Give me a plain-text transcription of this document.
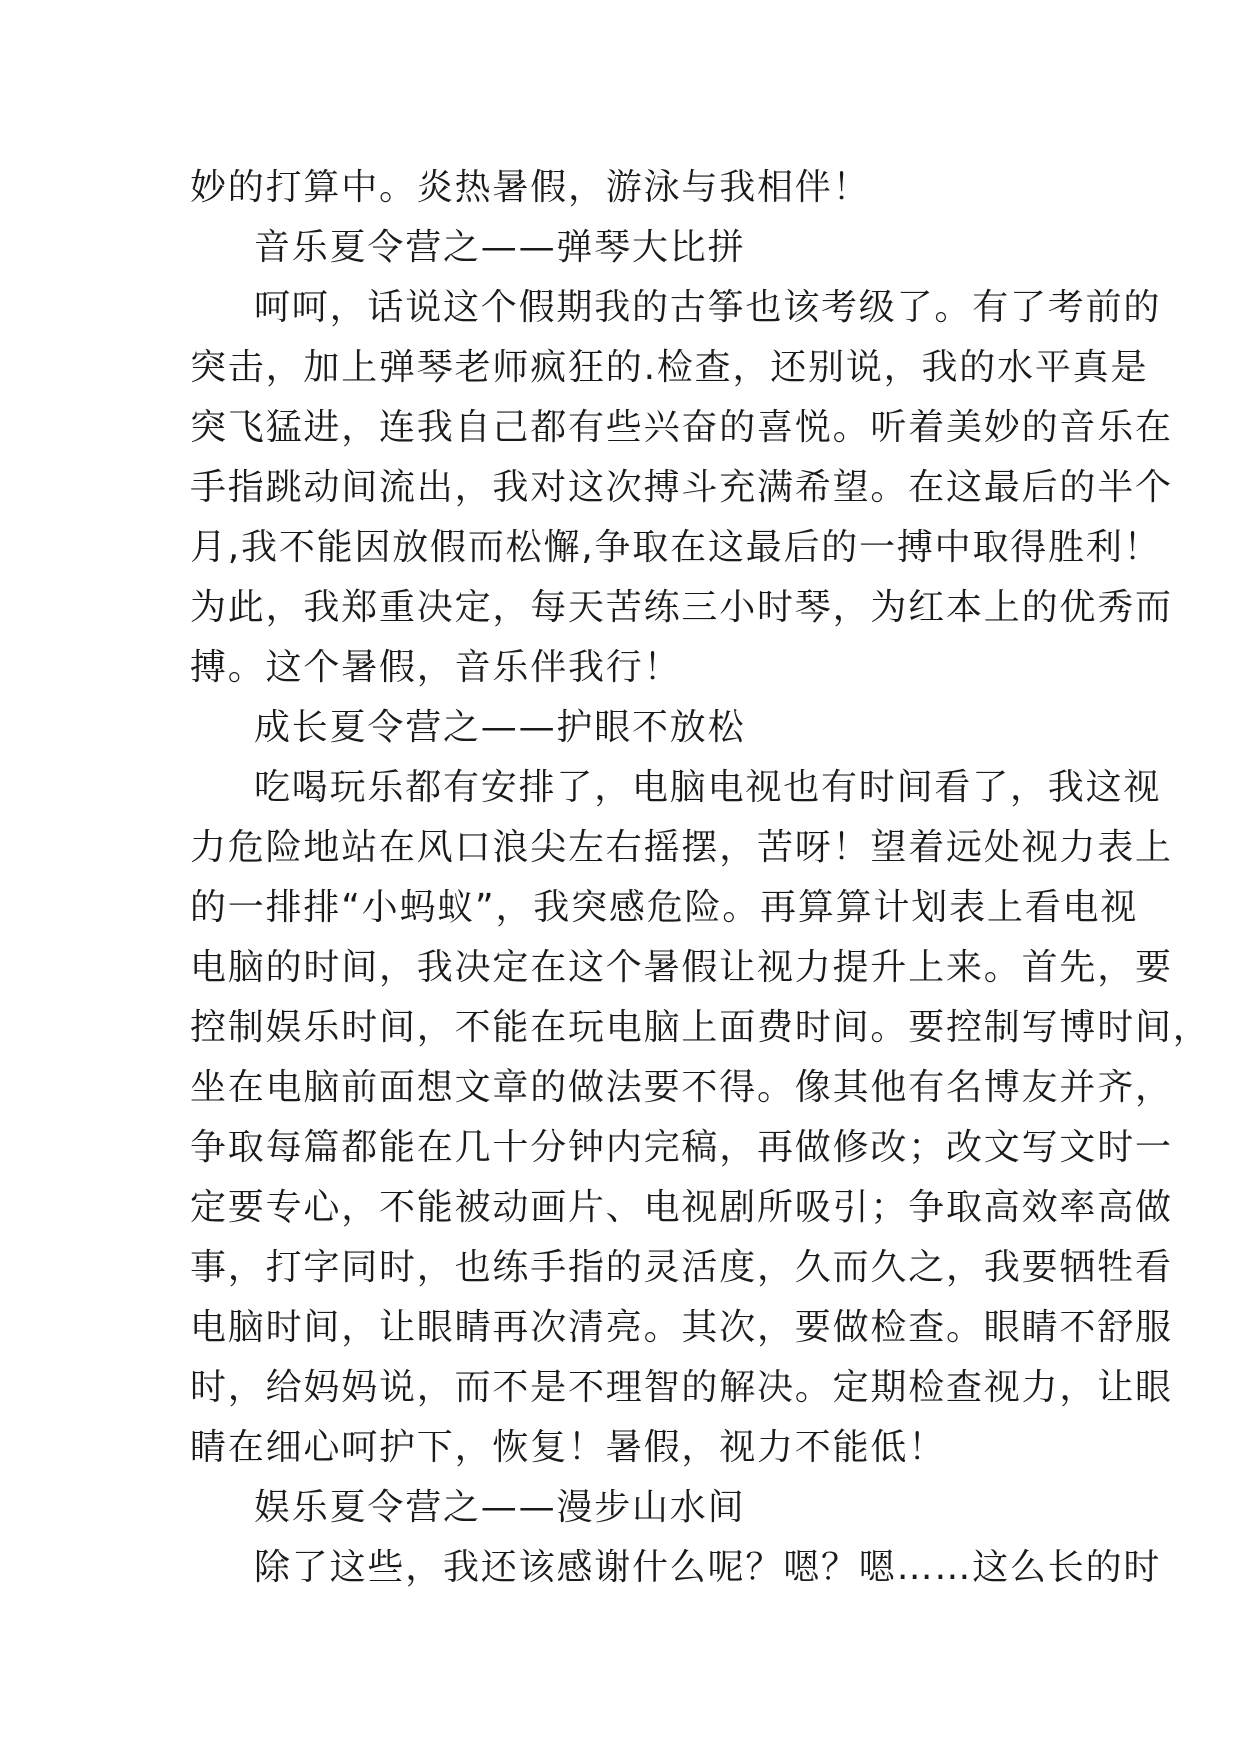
妙的打算中。炎热暑假，游泳与我相伴！
音乐夏令营之——弹琴大比拼
呵呵，话说这个假期我的古筝也该考级了。有了考前的
突击，加上弹琴老师疯狂的.检查，还别说，我的水平真是
突飞猛进，连我自己都有些兴奋的喜悦。听着美妙的音乐在
手指跳动间流出，我对这次搏斗充满希望。在这最后的半个
月,我不能因放假而松懈,争取在这最后的一搏中取得胜利！
为此，我郑重决定，每天苦练三小时琴，为红本上的优秀而
搏。这个暑假，音乐伴我行！
成长夏令营之——护眼不放松
吃喝玩乐都有安排了，电脑电视也有时间看了，我这视
力危险地站在风口浪尖左右摇摆，苦呀！望着远处视力表上
的一排排“小蚂蚁”，我突感危险。再算算计划表上看电视
电脑的时间，我决定在这个暑假让视力提升上来。首先，要
控制娱乐时间，不能在玩电脑上面费时间。要控制写博时间，
坐在电脑前面想文章的做法要不得。像其他有名博友并齐，
争取每篇都能在几十分钟内完稿，再做修改；改文写文时一
定要专心，不能被动画片、电视剧所吸引；争取高效率高做
事，打字同时，也练手指的灵活度，久而久之，我要牺牲看
电脑时间，让眼睛再次清亮。其次，要做检查。眼睛不舒服
时，给妈妈说，而不是不理智的解决。定期检查视力，让眼
睛在细心呵护下，恢复！暑假，视力不能低！
娱乐夏令营之——漫步山水间
除了这些，我还该感谢什么呢？嗯？嗯……这么长的时
